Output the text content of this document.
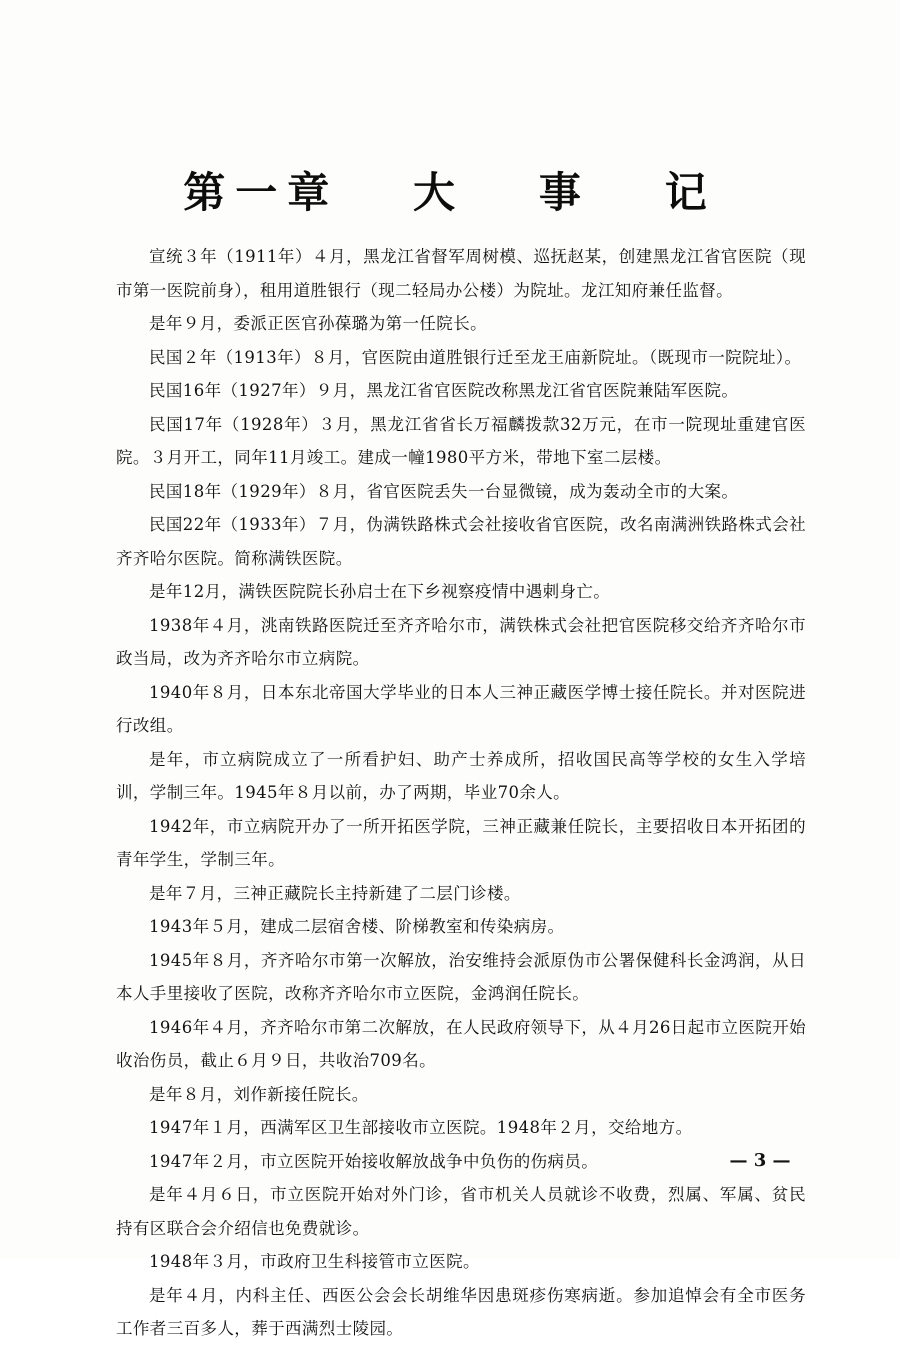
第一章   大   事   记

宣统３年（1911年）４月，黑龙江省督军周树模、巡抚赵某，创建黑龙江省官医院（现市第一医院前身），租用道胜银行（现二轻局办公楼）为院址。龙江知府兼任监督。

是年９月，委派正医官孙葆璐为第一任院长。

民国２年（1913年）８月，官医院由道胜银行迁至龙王庙新院址。（既现市一院院址）。

民国16年（1927年）９月，黑龙江省官医院改称黑龙江省官医院兼陆军医院。

民国17年（1928年）３月，黑龙江省省长万福麟拨款32万元，在市一院现址重建官医院。３月开工，同年11月竣工。建成一幢1980平方米，带地下室二层楼。

民国18年（1929年）８月，省官医院丢失一台显微镜，成为轰动全市的大案。

民国22年（1933年）７月，伪满铁路株式会社接收省官医院，改名南满洲铁路株式会社齐齐哈尔医院。简称满铁医院。

是年12月，满铁医院院长孙启士在下乡视察疫情中遇刺身亡。

1938年４月，洮南铁路医院迁至齐齐哈尔市，满铁株式会社把官医院移交给齐齐哈尔市政当局，改为齐齐哈尔市立病院。

1940年８月，日本东北帝国大学毕业的日本人三神正藏医学博士接任院长。并对医院进行改组。

是年，市立病院成立了一所看护妇、助产士养成所，招收国民高等学校的女生入学培训，学制三年。1945年８月以前，办了两期，毕业70余人。

1942年，市立病院开办了一所开拓医学院，三神正藏兼任院长，主要招收日本开拓团的青年学生，学制三年。

是年７月，三神正藏院长主持新建了二层门诊楼。

1943年５月，建成二层宿舍楼、阶梯教室和传染病房。

1945年８月，齐齐哈尔市第一次解放，治安维持会派原伪市公署保健科长金鸿润，从日本人手里接收了医院，改称齐齐哈尔市立医院，金鸿润任院长。

1946年４月，齐齐哈尔市第二次解放，在人民政府领导下，从４月26日起市立医院开始收治伤员，截止６月９日，共收治709名。

是年８月，刘作新接任院长。

1947年１月，西满军区卫生部接收市立医院。1948年２月，交给地方。

1947年２月，市立医院开始接收解放战争中负伤的伤病员。

是年４月６日，市立医院开始对外门诊，省市机关人员就诊不收费，烈属、军属、贫民持有区联合会介绍信也免费就诊。

1948年３月，市政府卫生科接管市立医院。

是年４月，内科主任、西医公会会长胡维华因患斑疹伤寒病逝。参加追悼会有全市医务工作者三百多人，葬于西满烈士陵园。

— 3 —
